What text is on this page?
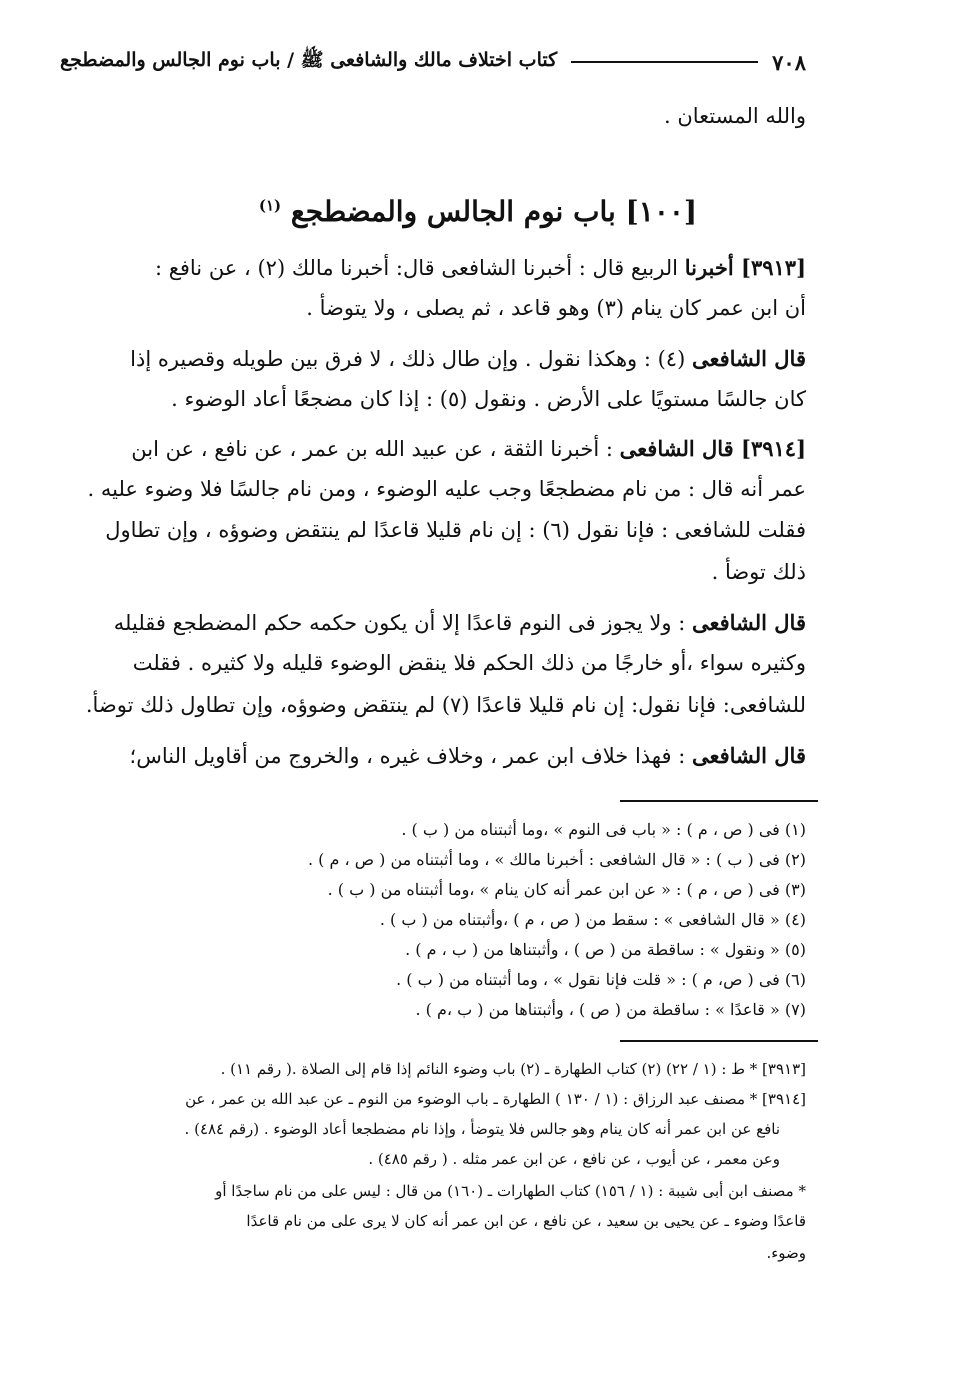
٧٠٨
كتاب اختلاف مالك والشافعى ﷺ / باب نوم الجالس والمضطجع
والله المستعان .
[١٠٠] باب نوم الجالس والمضطجع $^{(١)}$
[٣٩١٣] أخبرنا الربيع قال : أخبرنا الشافعى قال: أخبرنا مالك (٢) ، عن نافع :
أن ابن عمر كان ينام (٣) وهو قاعد ، ثم يصلى ، ولا يتوضأ .
قال الشافعى (٤) : وهكذا نقول . وإن طال ذلك ، لا فرق بين طويله وقصيره إذا
كان جالسًا مستويًا على الأرض . ونقول (٥) : إذا كان مضجعًا أعاد الوضوء .
[٣٩١٤] قال الشافعى : أخبرنا الثقة ، عن عبيد الله بن عمر ، عن نافع ، عن ابن
عمر أنه قال : من نام مضطجعًا وجب عليه الوضوء ، ومن نام جالسًا فلا وضوء عليه .
فقلت للشافعى : فإنا نقول (٦) : إن نام قليلا قاعدًا لم ينتقض وضوؤه ، وإن تطاول
ذلك توضأ .
قال الشافعى : ولا يجوز فى النوم قاعدًا إلا أن يكون حكمه حكم المضطجع فقليله
وكثيره سواء ،أو خارجًا من ذلك الحكم فلا ينقض الوضوء قليله ولا كثيره . فقلت
للشافعى: فإنا نقول: إن نام قليلا قاعدًا (٧) لم ينتقض وضوؤه، وإن تطاول ذلك توضأ.
قال الشافعى : فهذا خلاف ابن عمر ، وخلاف غيره ، والخروج من أقاويل الناس؛
(١) فى ( ص ، م ) : « باب فى النوم » ،وما أثبتناه من ( ب ) .
(٢) فى ( ب ) : « قال الشافعى : أخبرنا مالك » ، وما أثبتناه من ( ص ، م ) .
(٣) فى ( ص ، م ) : « عن ابن عمر أنه كان ينام » ،وما أثبتناه من ( ب ) .
(٤) « قال الشافعى » : سقط من ( ص ، م ) ،وأثبتناه من ( ب ) .
(٥) « ونقول » : ساقطة من ( ص ) ، وأثبتناها من ( ب ، م ) .
(٦) فى ( ص، م ) : « قلت فإنا نقول » ، وما أثبتناه من ( ب ) .
(٧) « قاعدًا » : ساقطة من ( ص ) ، وأثبتناها من ( ب ،م ) .
[٣٩١٣] * ط : (١ / ٢٢) (٢) كتاب الطهارة ـ (٢) باب وضوء النائم إذا قام إلى الصلاة .( رقم ١١) .
[٣٩١٤] * مصنف عبد الرزاق : (١ / ١٣٠ ) الطهارة ـ باب الوضوء من النوم ـ عن عبد الله بن عمر ، عن
نافع عن ابن عمر أنه كان ينام وهو جالس فلا يتوضأ ، وإذا نام مضطجعا أعاد الوضوء . (رقم ٤٨٤) .
وعن معمر ، عن أيوب ، عن نافع ، عن ابن عمر مثله . ( رقم ٤٨٥) .
* مصنف ابن أبى شيبة : (١ / ١٥٦) كتاب الطهارات ـ (١٦٠) من قال : ليس على من نام ساجدًا أو
قاعدًا وضوء ـ عن يحيى بن سعيد ، عن نافع ، عن ابن عمر أنه كان لا يرى على من نام قاعدًا
وضوء.
